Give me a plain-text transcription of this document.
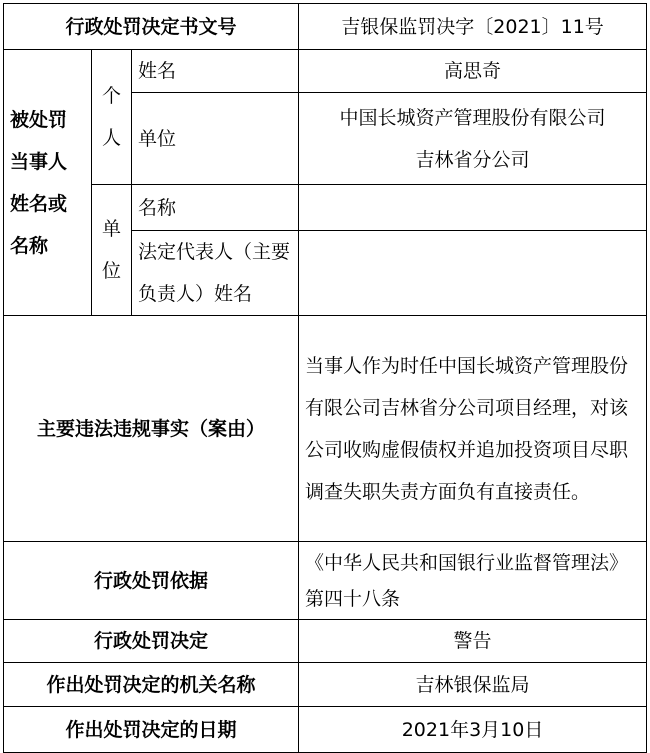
行政处罚决定书文号			吉银保监罚决字〔2021〕11号
被处罚当事人姓名或名称	个人	姓名	高思奇
		单位	中国长城资产管理股份有限公司
吉林省分公司

	单位	名称	
		法定代表人（主要负责人）姓名	
主要违法违规事实（案由）			当事人作为时任中国长城资产管理股份有限公司吉林省分公司项目经理，对该公司收购虚假债权并追加投资项目尽职调查失职失责方面负有直接责任。
行政处罚依据			《中华人民共和国银行业监督管理法》第四十八条
行政处罚决定			警告
作出处罚决定的机关名称			吉林银保监局
作出处罚决定的日期			2021年3月10日
